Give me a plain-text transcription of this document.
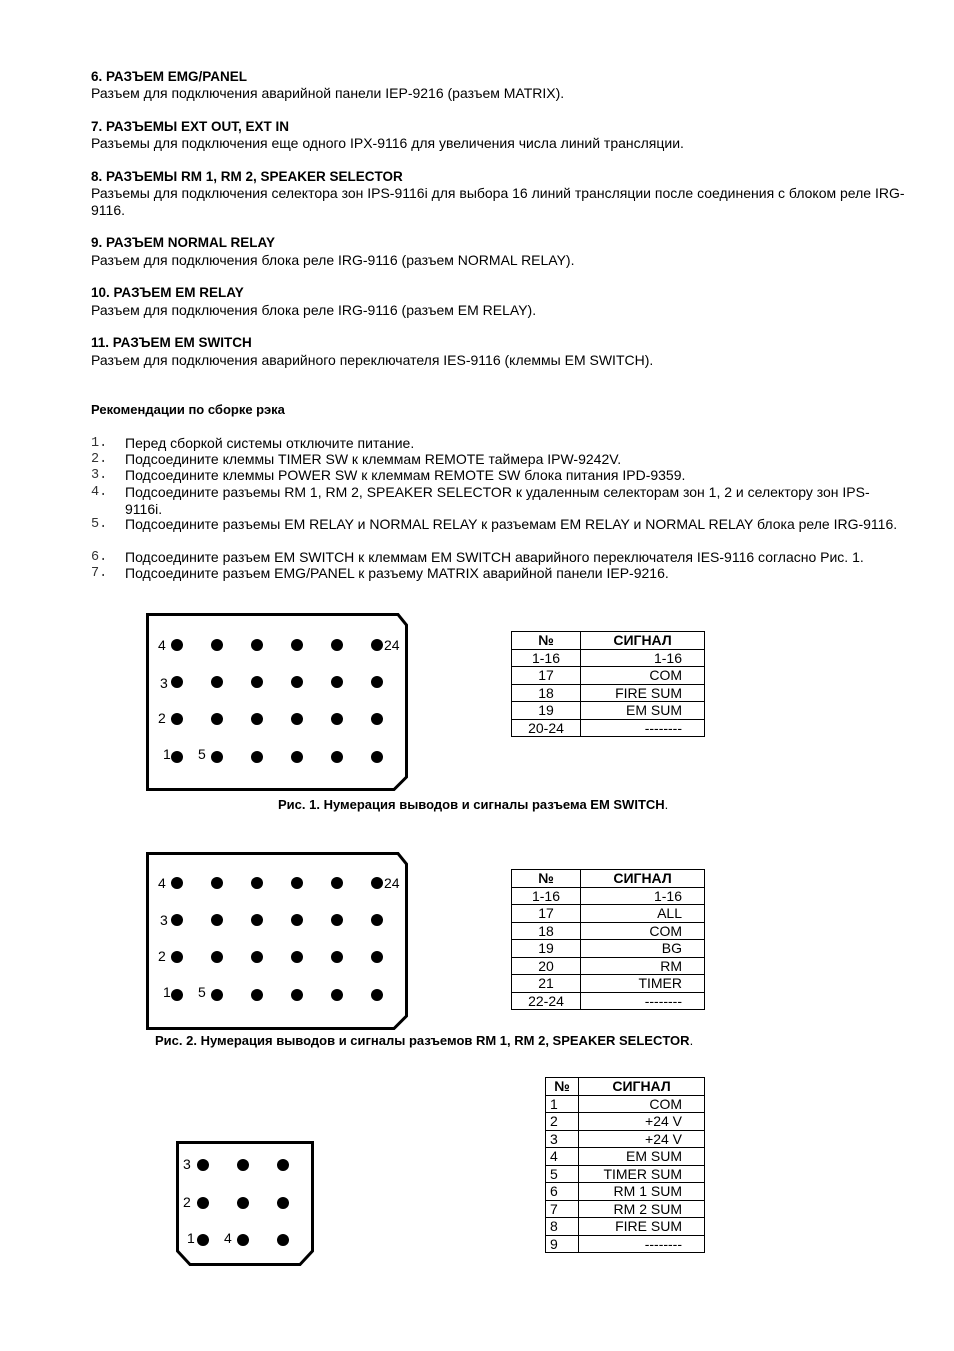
6. РАЗЪЕМ EMG/PANEL
Разъем для подключения аварийной панели IEP-9216 (разъем MATRIX).
7. РАЗЪЕМЫ EXT OUT, EXT IN
Разъемы для подключения еще одного IPX-9116 для увеличения числа линий трансляции.
8. РАЗЪЕМЫ RM 1, RM 2, SPEAKER SELECTOR
Разъемы для подключения селектора зон IPS-9116i для выбора 16 линий трансляции после соединения с блоком реле IRG-9116.
9. РАЗЪЕМ NORMAL RELAY
Разъем для подключения блока реле IRG-9116 (разъем NORMAL RELAY).
10. РАЗЪЕМ EM RELAY
Разъем для подключения блока реле IRG-9116 (разъем EM RELAY).
11. РАЗЪЕМ EM SWITCH
Разъем для подключения аварийного переключателя IES-9116 (клеммы EM SWITCH).
Рекомендации по сборке рэка
1. Перед сборкой системы отключите питание.
2. Подсоедините клеммы TIMER SW к клеммам REMOTE таймера IPW-9242V.
3. Подсоедините клеммы POWER SW к клеммам REMOTE SW блока питания IPD-9359.
4. Подсоедините разъемы RM 1, RM 2, SPEAKER SELECTOR к удаленным селекторам зон 1, 2 и селектору зон IPS-9116i.
5. Подсоедините разъемы EM RELAY и NORMAL RELAY к разъемам EM RELAY и NORMAL RELAY блока реле IRG-9116.
6. Подсоедините разъем EM SWITCH к клеммам EM SWITCH аварийного переключателя IES-9116 согласно Рис. 1.
7. Подсоедините разъем EMG/PANEL к разъему MATRIX аварийной панели IEP-9216.
4	24
3
2
1 5
№	СИГНАЛ
1-16	1-16
17	COM
18	FIRE SUM
19	EM SUM
20-24	--------
Рис. 1. Нумерация выводов и сигналы разъема EM SWITCH.
4	24
3
2
1 5
№	СИГНАЛ
1-16	1-16
17	ALL
18	COM
19	BG
20	RM
21	TIMER
22-24	--------
Рис. 2. Нумерация выводов и сигналы разъемов RM 1, RM 2, SPEAKER SELECTOR.
3
2
1 4
№	СИГНАЛ
1	COM
2	+24 V
3	+24 V
4	EM SUM
5	TIMER SUM
6	RM 1 SUM
7	RM 2 SUM
8	FIRE SUM
9	--------
